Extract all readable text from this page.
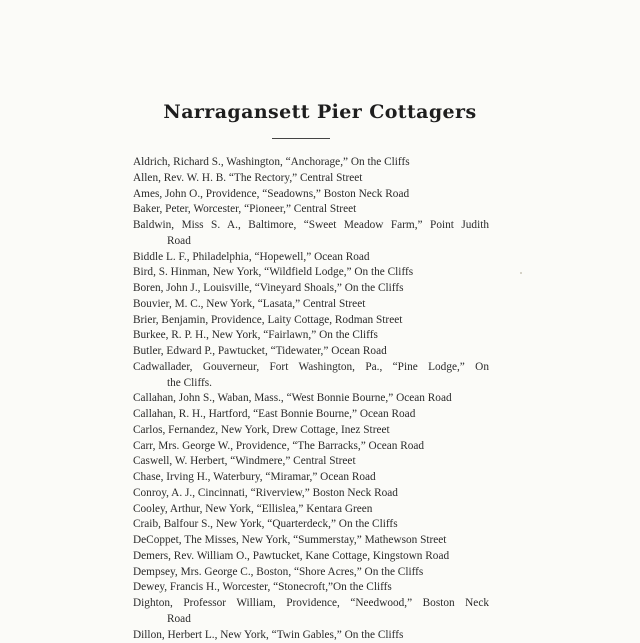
Narragansett Pier Cottagers
Aldrich, Richard S., Washington, “Anchorage,” On the Cliffs
Allen, Rev. W. H. B. “The Rectory,” Central Street
Ames, John O., Providence, “Seadowns,” Boston Neck Road
Baker, Peter, Worcester, “Pioneer,” Central Street
Baldwin, Miss S. A., Baltimore, “Sweet Meadow Farm,” Point Judith
Road
Biddle L. F., Philadelphia, “Hopewell,” Ocean Road
Bird, S. Hinman, New York, “Wildfield Lodge,” On the Cliffs
Boren, John J., Louisville, “Vineyard Shoals,” On the Cliffs
Bouvier, M. C., New York, “Lasata,” Central Street
Brier, Benjamin, Providence, Laity Cottage, Rodman Street
Burkee, R. P. H., New York, “Fairlawn,” On the Cliffs
Butler, Edward P., Pawtucket, “Tidewater,” Ocean Road
Cadwallader, Gouverneur, Fort Washington, Pa., “Pine Lodge,” On
the Cliffs.
Callahan, John S., Waban, Mass., “West Bonnie Bourne,” Ocean Road
Callahan, R. H., Hartford, “East Bonnie Bourne,” Ocean Road
Carlos, Fernandez, New York, Drew Cottage, Inez Street
Carr, Mrs. George W., Providence, “The Barracks,” Ocean Road
Caswell, W. Herbert, “Windmere,” Central Street
Chase, Irving H., Waterbury, “Miramar,” Ocean Road
Conroy, A. J., Cincinnati, “Riverview,” Boston Neck Road
Cooley, Arthur, New York, “Ellislea,” Kentara Green
Craib, Balfour S., New York, “Quarterdeck,” On the Cliffs
DeCoppet, The Misses, New York, “Summerstay,” Mathewson Street
Demers, Rev. William O., Pawtucket, Kane Cottage, Kingstown Road
Dempsey, Mrs. George C., Boston, “Shore Acres,” On the Cliffs
Dewey, Francis H., Worcester, “Stonecroft,”On the Cliffs
Dighton, Professor William, Providence, “Needwood,” Boston Neck
Road
Dillon, Herbert L., New York, “Twin Gables,” On the Cliffs
